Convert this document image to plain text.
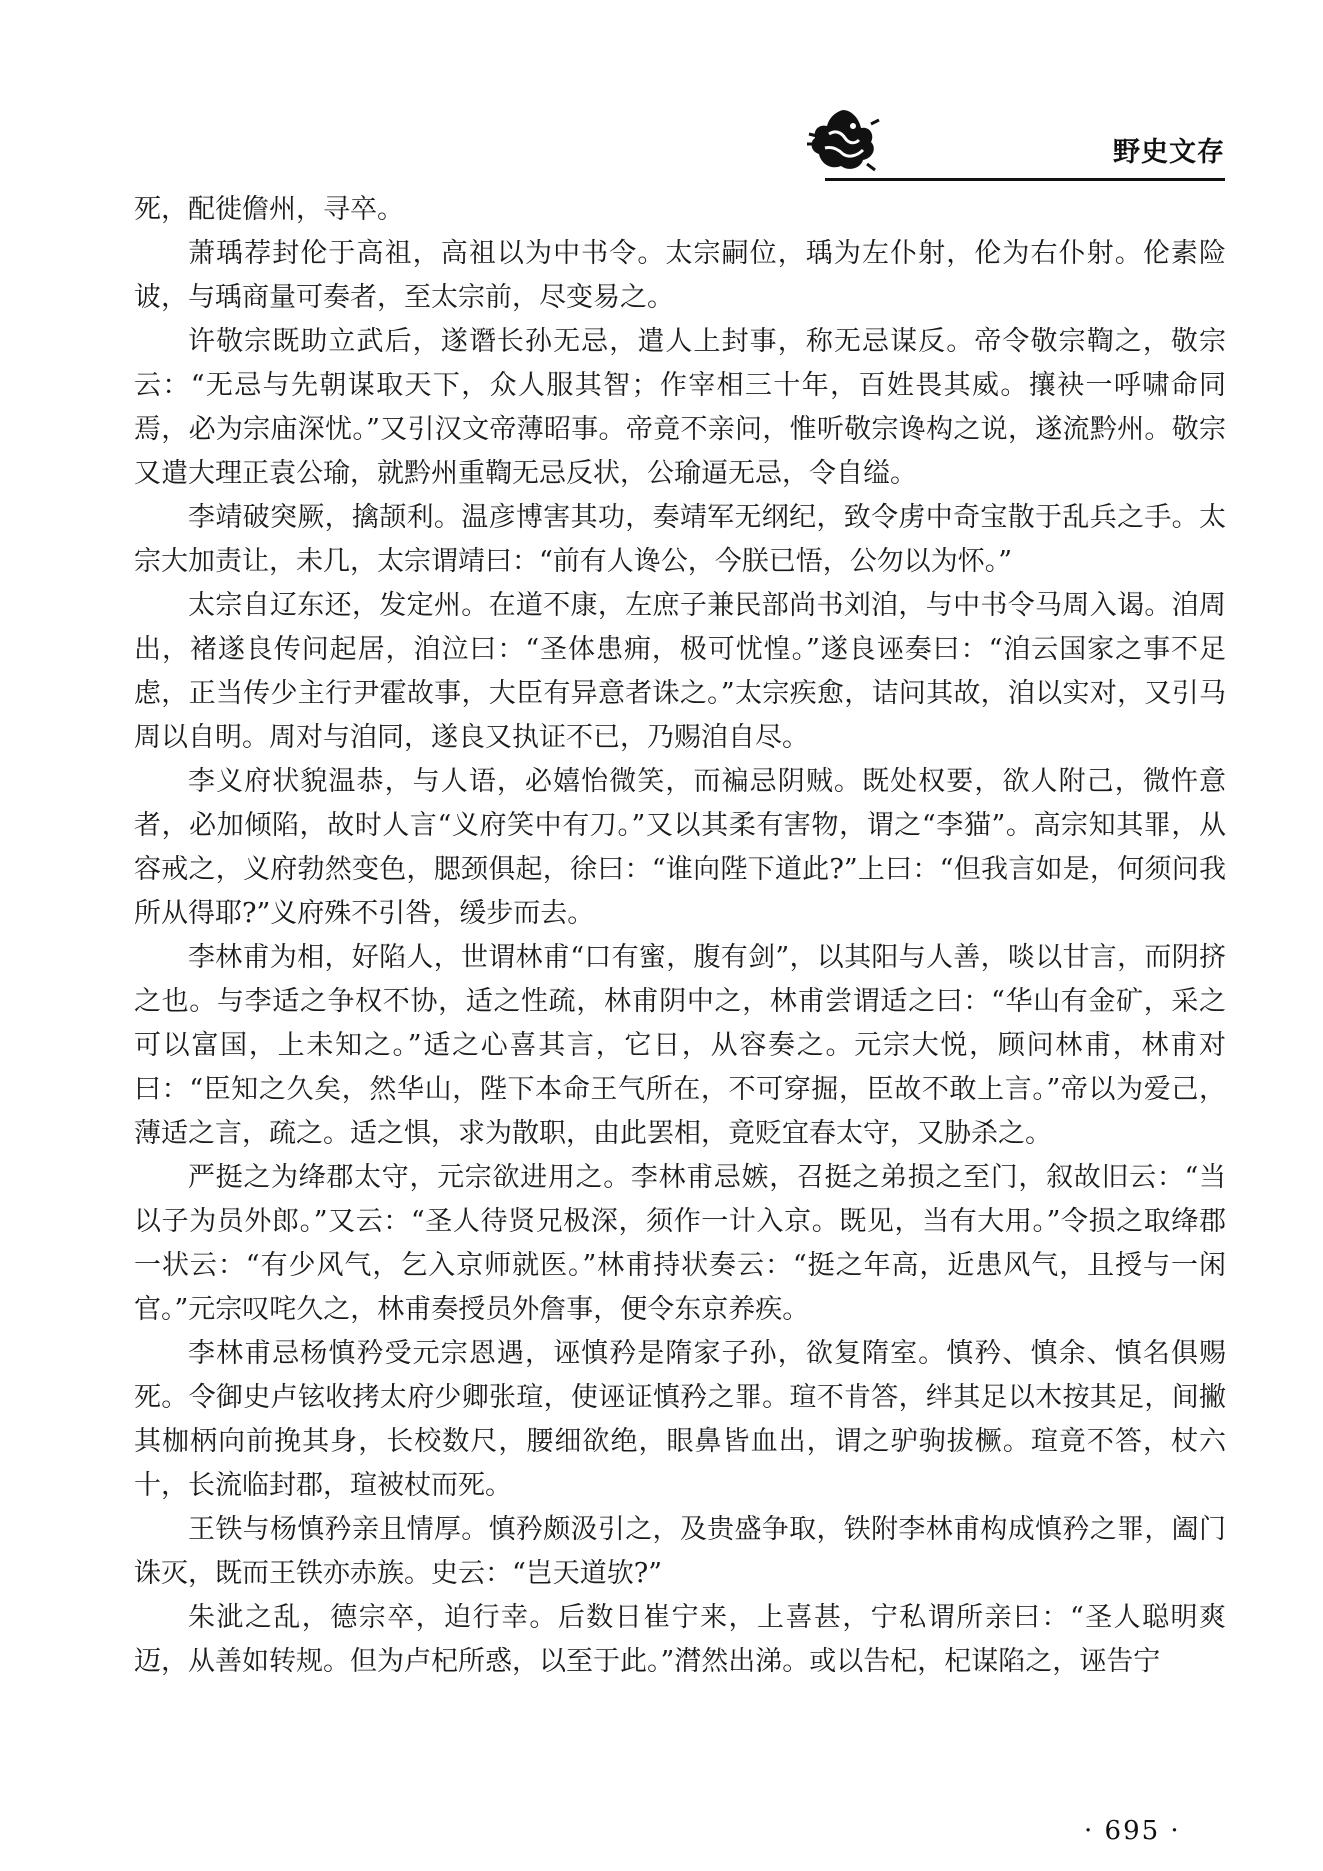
野史文存

死，配徙儋州，寻卒。

萧瑀荐封伦于高祖，高祖以为中书令。太宗嗣位，瑀为左仆射，伦为右仆射。伦素险诐，与瑀商量可奏者，至太宗前，尽变易之。

许敬宗既助立武后，遂谮长孙无忌，遣人上封事，称无忌谋反。帝令敬宗鞫之，敬宗云：“无忌与先朝谋取天下，众人服其智；作宰相三十年，百姓畏其威。攘袂一呼啸命同焉，必为宗庙深忧。”又引汉文帝薄昭事。帝竟不亲问，惟听敬宗谗构之说，遂流黔州。敬宗又遣大理正袁公瑜，就黔州重鞫无忌反状，公瑜逼无忌，令自缢。

李靖破突厥，擒颉利。温彦博害其功，奏靖军无纲纪，致令虏中奇宝散于乱兵之手。太宗大加责让，未几，太宗谓靖曰：“前有人谗公，今朕已悟，公勿以为怀。”

太宗自辽东还，发定州。在道不康，左庶子兼民部尚书刘洎，与中书令马周入谒。洎周出，褚遂良传问起居，洎泣曰：“圣体患痈，极可忧惶。”遂良诬奏曰：“洎云国家之事不足虑，正当传少主行尹霍故事，大臣有异意者诛之。”太宗疾愈，诘问其故，洎以实对，又引马周以自明。周对与洎同，遂良又执证不已，乃赐洎自尽。

李义府状貌温恭，与人语，必嬉怡微笑，而褊忌阴贼。既处权要，欲人附己，微忤意者，必加倾陷，故时人言“义府笑中有刀。”又以其柔有害物，谓之“李猫”。高宗知其罪，从容戒之，义府勃然变色，腮颈俱起，徐曰：“谁向陛下道此?”上曰：“但我言如是，何须问我所从得耶?”义府殊不引咎，缓步而去。

李林甫为相，好陷人，世谓林甫“口有蜜，腹有剑”，以其阳与人善，啖以甘言，而阴挤之也。与李适之争权不协，适之性疏，林甫阴中之，林甫尝谓适之曰：“华山有金矿，采之可以富国，上未知之。”适之心喜其言，它日，从容奏之。元宗大悦，顾问林甫，林甫对曰：“臣知之久矣，然华山，陛下本命王气所在，不可穿掘，臣故不敢上言。”帝以为爱己，薄适之言，疏之。适之惧，求为散职，由此罢相，竟贬宜春太守，又胁杀之。

严挺之为绛郡太守，元宗欲进用之。李林甫忌嫉，召挺之弟损之至门，叙故旧云：“当以子为员外郎。”又云：“圣人待贤兄极深，须作一计入京。既见，当有大用。”令损之取绛郡一状云：“有少风气，乞入京师就医。”林甫持状奏云：“挺之年高，近患风气，且授与一闲官。”元宗叹咤久之，林甫奏授员外詹事，便令东京养疾。

李林甫忌杨慎矜受元宗恩遇，诬慎矜是隋家子孙，欲复隋室。慎矜、慎余、慎名俱赐死。令御史卢铉收拷太府少卿张瑄，使诬证慎矜之罪。瑄不肯答，绊其足以木按其足，间撇其枷柄向前挽其身，长校数尺，腰细欲绝，眼鼻皆血出，谓之驴驹拔橛。瑄竟不答，杖六十，长流临封郡，瑄被杖而死。

王铁与杨慎矜亲且情厚。慎矜颇汲引之，及贵盛争取，铁附李林甫构成慎矜之罪，阖门诛灭，既而王铁亦赤族。史云：“岂天道欤?”

朱泚之乱，德宗卒，迫行幸。后数日崔宁来，上喜甚，宁私谓所亲曰：“圣人聪明爽迈，从善如转规。但为卢杞所惑，以至于此。”潸然出涕。或以告杞，杞谋陷之，诬告宁

· 695 ·
